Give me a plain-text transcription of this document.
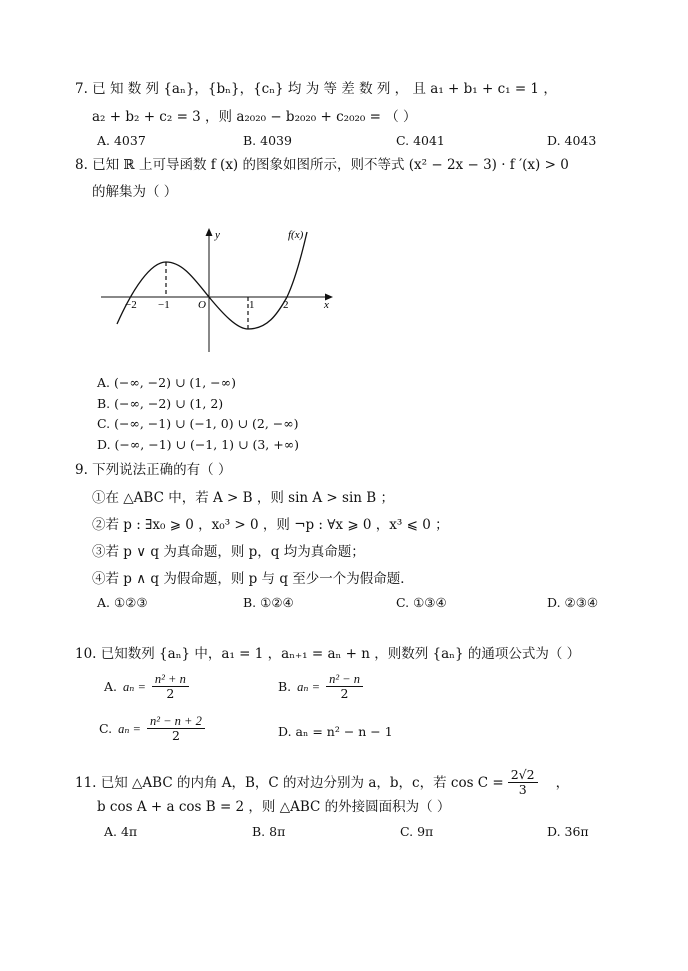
7. 已 知 数 列 {aₙ}，{bₙ}，{cₙ} 均 为 等 差 数 列 ， 且 a₁ + b₁ + c₁ = 1 ，
a₂ + b₂ + c₂ = 3 ，则 a₂₀₂₀ − b₂₀₂₀ + c₂₀₂₀ = （ ）
A. 4037	B. 4039	C. 4041	D. 4043
8. 已知 ℝ 上可导函数 f (x) 的图象如图所示，则不等式 (x² − 2x − 3) · f ′(x) > 0
的解集为（ ）
y
x
f(x)
O
−2 −1	1	2
A. (−∞, −2) ∪ (1, −∞)
B. (−∞, −2) ∪ (1, 2)
C. (−∞, −1) ∪ (−1, 0) ∪ (2, −∞)
D. (−∞, −1) ∪ (−1, 1) ∪ (3, +∞)
9. 下列说法正确的有（ ）
①在 △ABC 中，若 A > B ，则 sin A > sin B ；
②若 p : ∃x₀ ⩾ 0 ，x₀³ > 0 ，则 ¬p : ∀x ⩾ 0 ，x³ ⩽ 0 ；
③若 p ∨ q 为真命题，则 p，q 均为真命题；
④若 p ∧ q 为假命题，则 p 与 q 至少一个为假命题．
A. ①②③	B. ①②④	C. ①③④	D. ②③④
10. 已知数列 {aₙ} 中，a₁ = 1 ，aₙ₊₁ = aₙ + n ，则数列 {aₙ} 的通项公式为（ ）
A. $a_n = \frac{\text{n² + n}}{2}$	B. $a_n = \frac{\text{n² − n}}{2}$
C. $a_n = \frac{\text{n² − n + 2}}{2}$	D. aₙ = n² − n − 1
11. 已知 △ABC 的内角 A，B，C 的对边分别为 a，b，c，若 $\cos C = \frac{2√2}{3}$ ，
b cos A + a cos B = 2 ，则 △ABC 的外接圆面积为（ ）
A. 4π	B. 8π	C. 9π	D. 36π
